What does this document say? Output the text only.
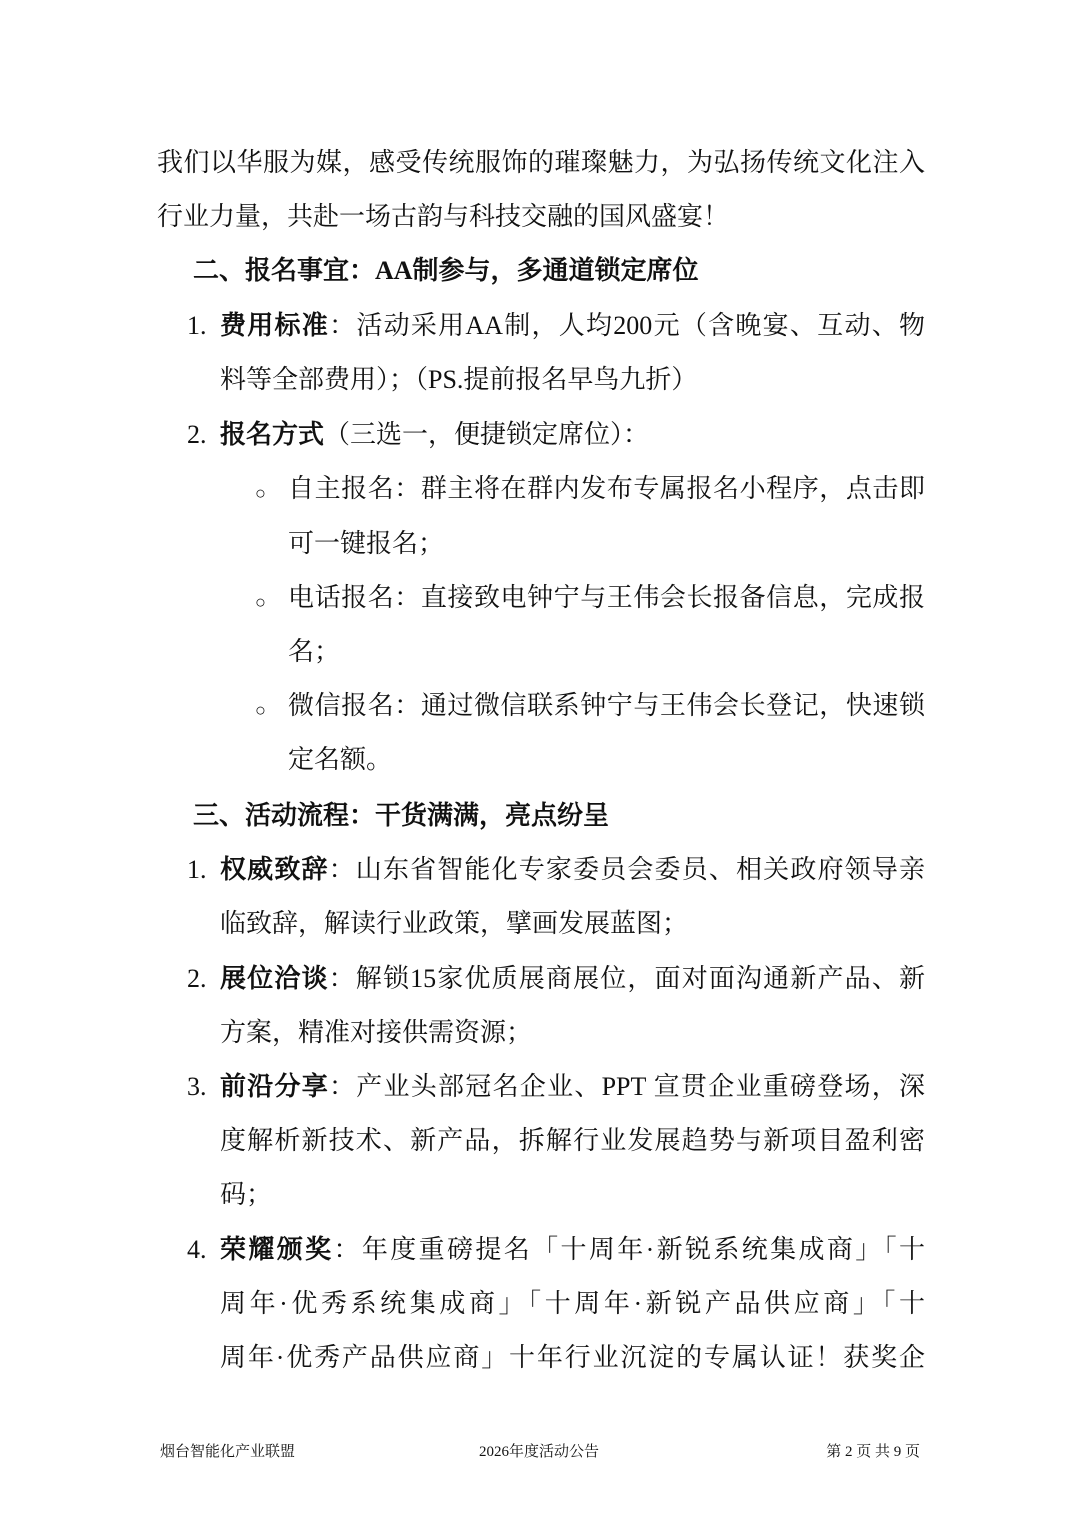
我们以华服为媒，感受传统服饰的璀璨魅力，为弘扬传统文化注入
行业力量，共赴一场古韵与科技交融的国风盛宴！
二、报名事宜：AA制参与，多通道锁定席位
1. 费用标准：活动采用AA制，人均200元（含晚宴、互动、物
料等全部费用）；（PS.提前报名早鸟九折）
2. 报名方式（三选一，便捷锁定席位）：
○ 自主报名：群主将在群内发布专属报名小程序，点击即
可一键报名；
○ 电话报名：直接致电钟宁与王伟会长报备信息，完成报
名；
○ 微信报名：通过微信联系钟宁与王伟会长登记，快速锁
定名额。
三、活动流程：干货满满，亮点纷呈
1. 权威致辞：山东省智能化专家委员会委员、相关政府领导亲
临致辞，解读行业政策，擘画发展蓝图；
2. 展位洽谈：解锁15家优质展商展位，面对面沟通新产品、新
方案，精准对接供需资源；
3. 前沿分享：产业头部冠名企业、PPT 宣贯企业重磅登场，深
度解析新技术、新产品，拆解行业发展趋势与新项目盈利密
码；
4. 荣耀颁奖：年度重磅提名「十周年·新锐系统集成商」「十
周年·优秀系统集成商」「十周年·新锐产品供应商」「十
周年·优秀产品供应商」十年行业沉淀的专属认证！获奖企
烟台智能化产业联盟	2026年度活动公告	第 2 页 共 9 页
